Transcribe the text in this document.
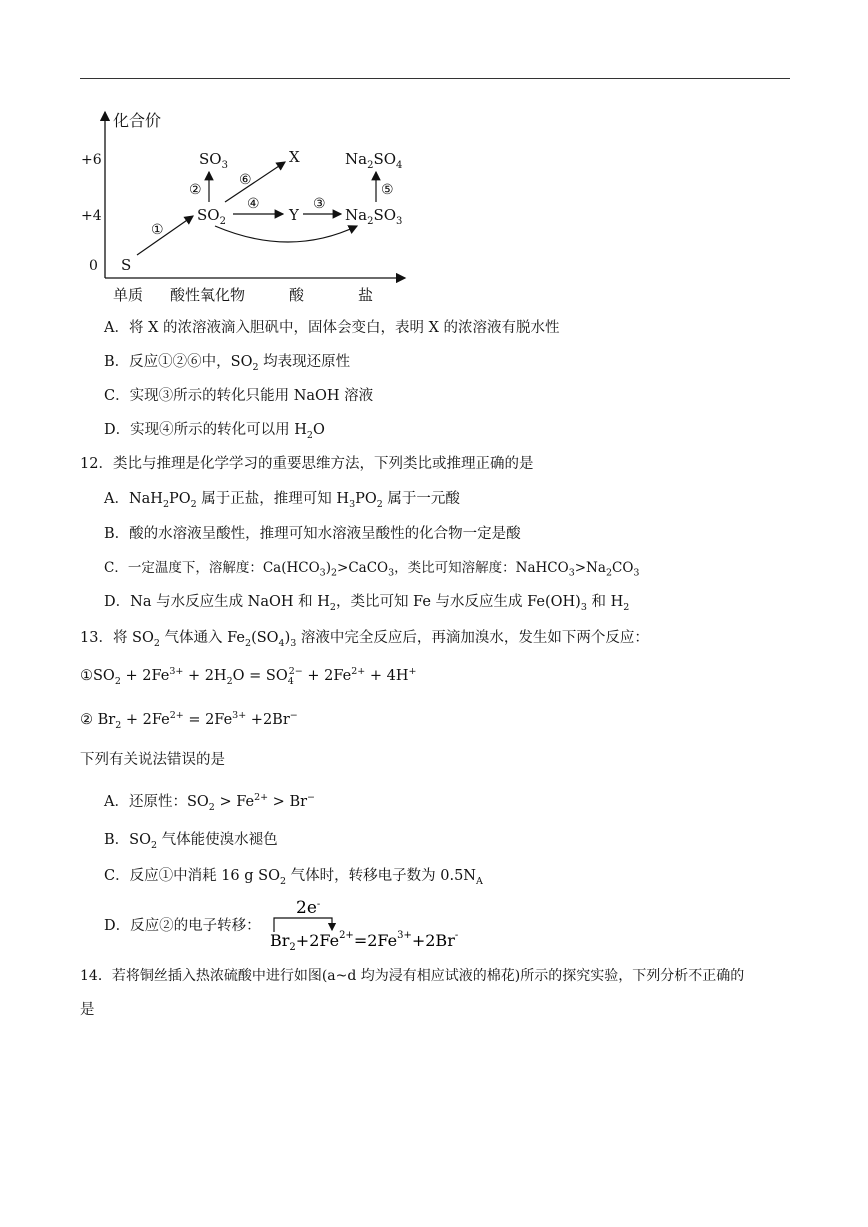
化合价
+6
+4
0
单质 酸性氧化物	酸	盐
S
$SO_2$
$SO_3$	X
Y	$Na_2SO_3$
$Na_2SO_4$
①
②
③
④
⑤
⑥
A．将 X 的浓溶液滴入胆矾中，固体会变白，表明 X 的浓溶液有脱水性
B．反应①②⑥中，$SO_2$ 均表现还原性
C．实现③所示的转化只能用 NaOH 溶液
D．实现④所示的转化可以用 $H_2O$
12．类比与推理是化学学习的重要思维方法，下列类比或推理正确的是
A．$NaH_2PO_2$ 属于正盐，推理可知 $H_3PO_2$ 属于一元酸
B．酸的水溶液呈酸性，推理可知水溶液呈酸性的化合物一定是酸
C．一定温度下，溶解度：$Ca(HCO_3)_2>CaCO_3$，类比可知溶解度：$NaHCO_3>Na_2CO_3$
D．Na 与水反应生成 NaOH 和 $H_2$，类比可知 Fe 与水反应生成 $Fe(OH)_3$ 和 $H_2$
13．将 $SO_2$ 气体通入 $Fe_2(SO_4)_3$ 溶液中完全反应后，再滴加溴水，发生如下两个反应：
$①SO_2 + 2Fe^{3+} + 2H_2O = SO_4^{2-} + 2Fe^{2+} + 4H^+$
② $Br_2 + 2Fe^{2+} = 2Fe^{3+} +2Br^-$
下列有关说法错误的是
A．还原性：$SO_2 > Fe^{2+} > Br^-$
B．$SO_2$ 气体能使溴水褪色
C．反应①中消耗 16 g $SO_2$ 气体时，转移电子数为 $0.5N_A$
D．反应②的电子转移：
2e-
$Br_2+2Fe^{2+}=2Fe^{3+}+2Br^-$
14．若将铜丝插入热浓硫酸中进行如图(a~d 均为浸有相应试液的棉花)所示的探究实验，下列分析不正确的
是
